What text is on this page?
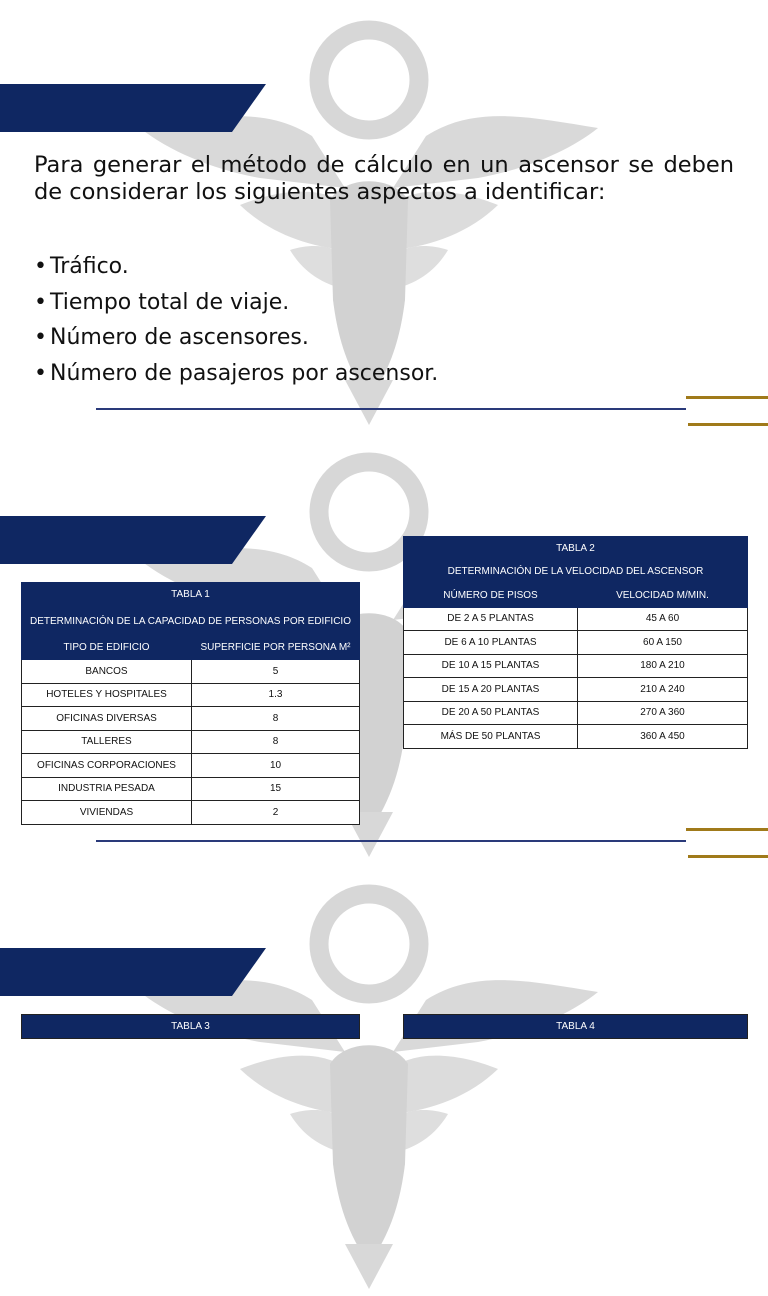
Para generar el método de cálculo en un ascensor se deben de considerar los siguientes aspectos a identificar:

• Tráfico.
• Tiempo total de viaje.
• Número de ascensores.
• Número de pasajeros por ascensor.
TABLA 1	
DETERMINACIÓN DE LA CAPACIDAD DE PERSONAS POR EDIFICIO	
TIPO DE EDIFICIO	SUPERFICIE POR PERSONA M²
BANCOS	5
HOTELES Y HOSPITALES	1.3
OFICINAS DIVERSAS	8
TALLERES	8
OFICINAS CORPORACIONES	10
INDUSTRIA PESADA	15
VIVIENDAS	2
TABLA 2	
DETERMINACIÓN DE LA VELOCIDAD DEL ASCENSOR	
NÚMERO DE PISOS	VELOCIDAD M/MIN.
DE 2 A 5 PLANTAS	45 A 60
DE 6 A 10 PLANTAS	60 A 150
DE 10 A 15 PLANTAS	180 A 210
DE 15 A 20 PLANTAS	210 A 240
DE 20 A 50 PLANTAS	270 A 360
MÁS DE 50 PLANTAS	360 A 450
TABLA 3	TABLA 4
